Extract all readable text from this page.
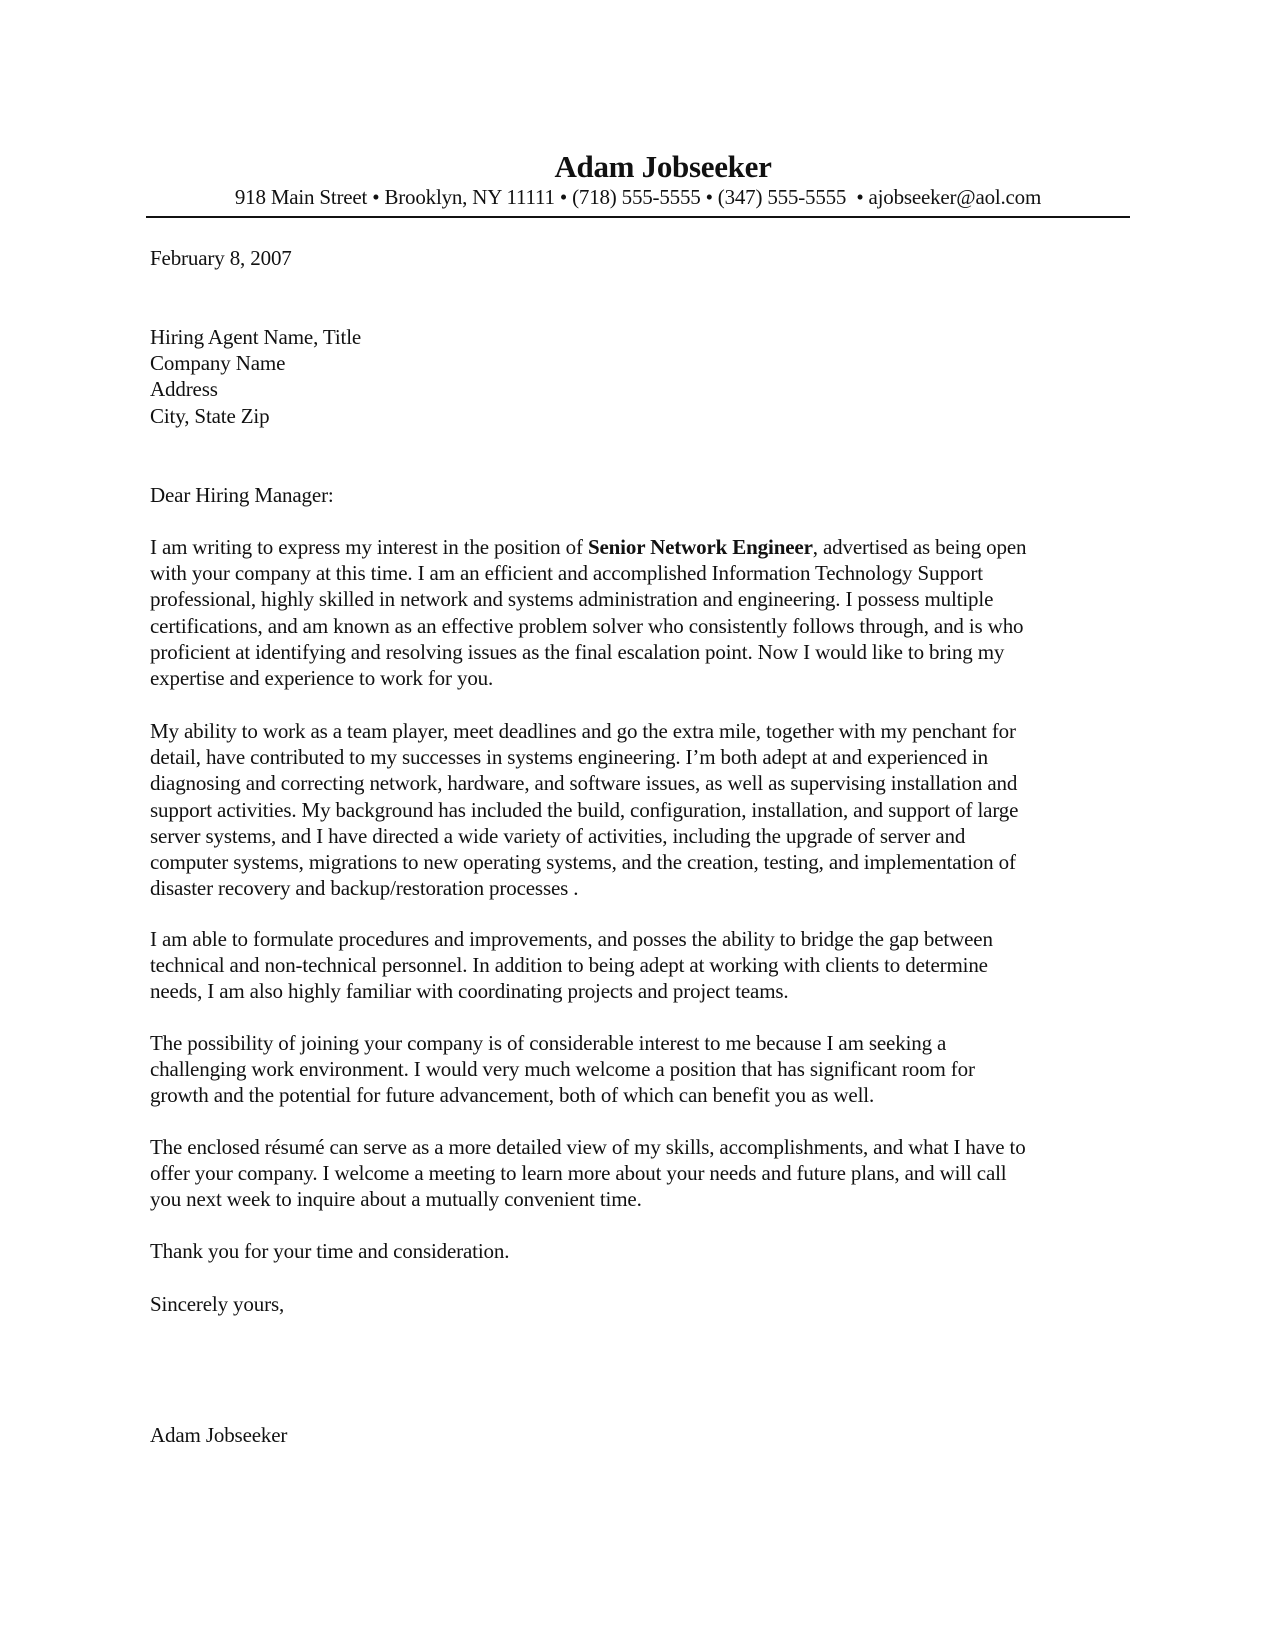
Adam Jobseeker
918 Main Street • Brooklyn, NY 11111 • (718) 555-5555 • (347) 555-5555  • ajobseeker@aol.com
February 8, 2007
Hiring Agent Name, Title
Company Name
Address
City, State Zip
Dear Hiring Manager:
I am writing to express my interest in the position of Senior Network Engineer, advertised as being open
with your company at this time. I am an efficient and accomplished Information Technology Support
professional, highly skilled in network and systems administration and engineering. I possess multiple
certifications, and am known as an effective problem solver who consistently follows through, and is who
proficient at identifying and resolving issues as the final escalation point. Now I would like to bring my
expertise and experience to work for you.
My ability to work as a team player, meet deadlines and go the extra mile, together with my penchant for
detail, have contributed to my successes in systems engineering. I’m both adept at and experienced in
diagnosing and correcting network, hardware, and software issues, as well as supervising installation and
support activities. My background has included the build, configuration, installation, and support of large
server systems, and I have directed a wide variety of activities, including the upgrade of server and
computer systems, migrations to new operating systems, and the creation, testing, and implementation of
disaster recovery and backup/restoration processes .
I am able to formulate procedures and improvements, and posses the ability to bridge the gap between
technical and non-technical personnel. In addition to being adept at working with clients to determine
needs, I am also highly familiar with coordinating projects and project teams.
The possibility of joining your company is of considerable interest to me because I am seeking a
challenging work environment. I would very much welcome a position that has significant room for
growth and the potential for future advancement, both of which can benefit you as well.
The enclosed résumé can serve as a more detailed view of my skills, accomplishments, and what I have to
offer your company. I welcome a meeting to learn more about your needs and future plans, and will call
you next week to inquire about a mutually convenient time.
Thank you for your time and consideration.
Sincerely yours,
Adam Jobseeker
